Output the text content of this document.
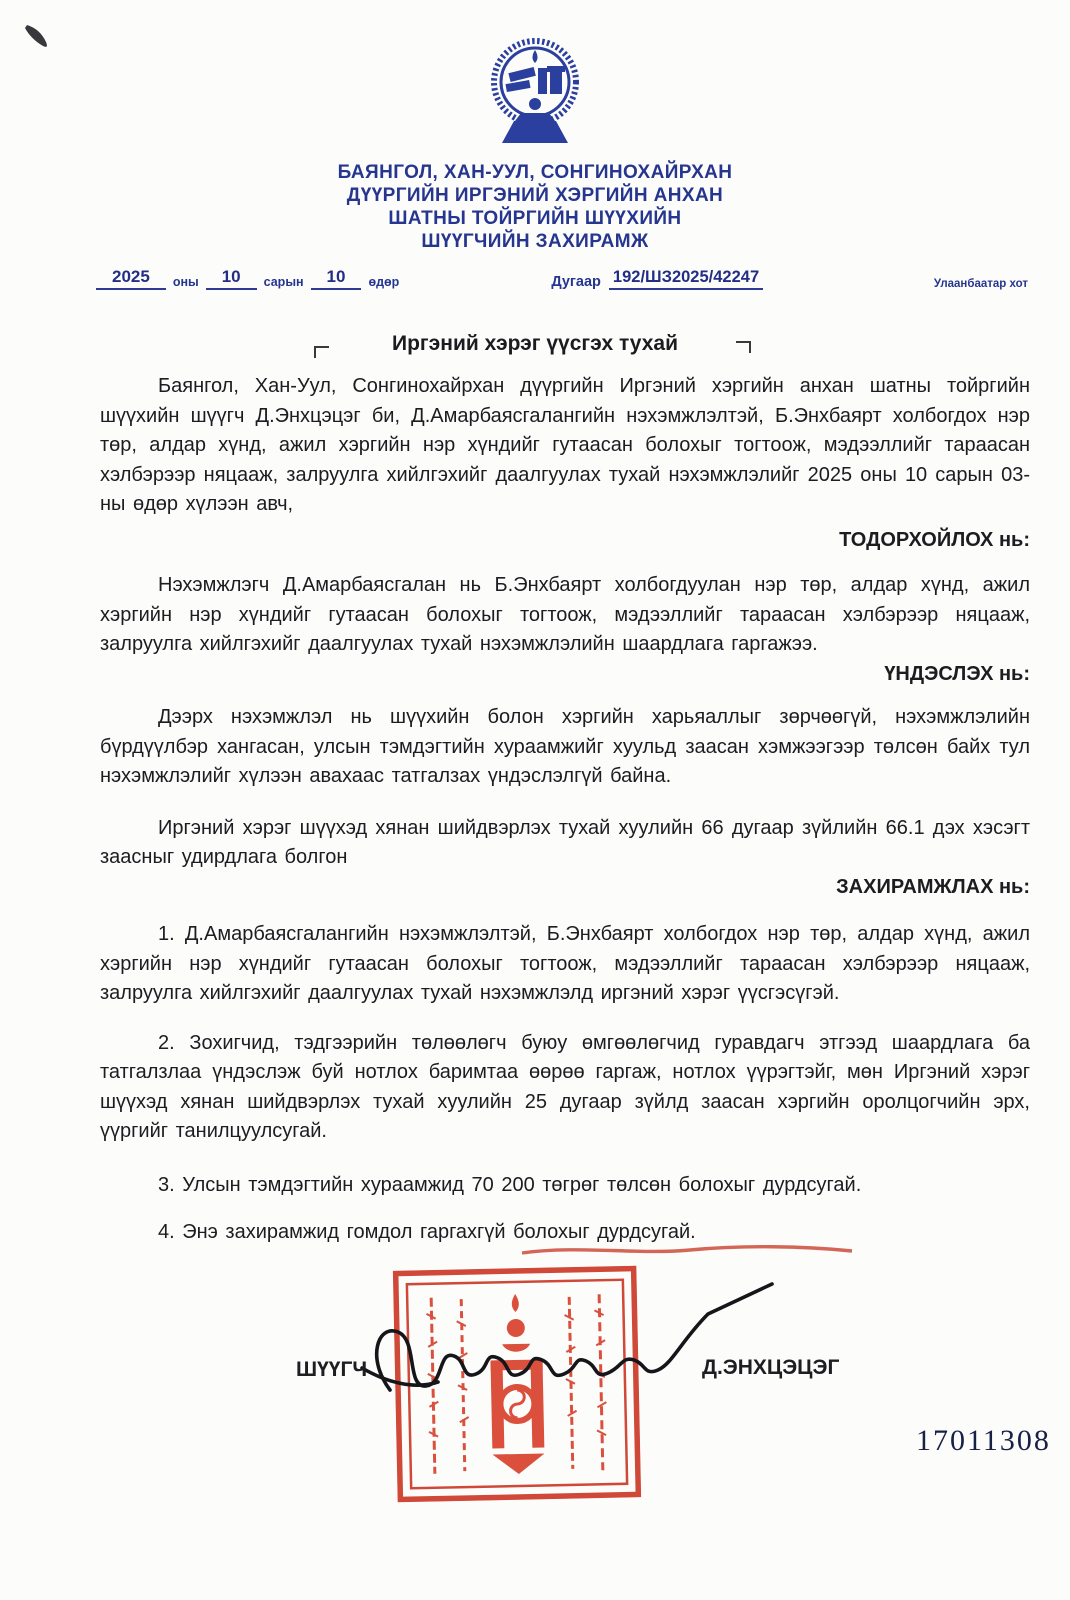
БАЯНГОЛ, ХАН-УУЛ, СОНГИНОХАЙРХАН
ДҮҮРГИЙН ИРГЭНИЙ ХЭРГИЙН АНХАН
ШАТНЫ ТОЙРГИЙН ШҮҮХИЙН
ШҮҮГЧИЙН ЗАХИРАМЖ
2025	оны	10	сарын	10	өдөр	Дугаар 192/ШЗ2025/42247	Улаанбаатар хот
Иргэний хэрэг үүсгэх тухай

Баянгол, Хан-Уул, Сонгинохайрхан дүүргийн Иргэний хэргийн анхан шатны тойргийн шүүхийн шүүгч Д.Энхцэцэг би, Д.Амарбаясгалангийн нэхэмжлэлтэй, Б.Энхбаярт холбогдох нэр төр, алдар хүнд, ажил хэргийн нэр хүндийг гутаасан болохыг тогтоож, мэдээллийг тараасан хэлбэрээр няцааж, залруулга хийлгэхийг даалгуулах тухай нэхэмжлэлийг 2025 оны 10 сарын 03-ны өдөр хүлээн авч,

ТОДОРХОЙЛОХ нь:

Нэхэмжлэгч Д.Амарбаясгалан нь Б.Энхбаярт холбогдуулан нэр төр, алдар хүнд, ажил хэргийн нэр хүндийг гутаасан болохыг тогтоож, мэдээллийг тараасан хэлбэрээр няцааж, залруулга хийлгэхийг даалгуулах тухай нэхэмжлэлийн шаардлага гаргажээ.

ҮНДЭСЛЭХ нь:

Дээрх нэхэмжлэл нь шүүхийн болон хэргийн харьяаллыг зөрчөөгүй, нэхэмжлэлийн бүрдүүлбэр хангасан, улсын тэмдэгтийн хураамжийг хуульд заасан хэмжээгээр төлсөн байх тул нэхэмжлэлийг хүлээн авахаас татгалзах үндэслэлгүй байна.

Иргэний хэрэг шүүхэд хянан шийдвэрлэх тухай хуулийн 66 дугаар зүйлийн 66.1 дэх хэсэгт заасныг удирдлага болгон

ЗАХИРАМЖЛАХ нь:

1. Д.Амарбаясгалангийн нэхэмжлэлтэй, Б.Энхбаярт холбогдох нэр төр, алдар хүнд, ажил хэргийн нэр хүндийг гутаасан болохыг тогтоож, мэдээллийг тараасан хэлбэрээр няцааж, залруулга хийлгэхийг даалгуулах тухай нэхэмжлэлд иргэний хэрэг үүсгэсүгэй.

2. Зохигчид, тэдгээрийн төлөөлөгч буюу өмгөөлөгчид гуравдагч этгээд шаардлага ба татгалзлаа үндэслэж буй нотлох баримтаа өөрөө гаргаж, нотлох үүрэгтэйг, мөн Иргэний хэрэг шүүхэд хянан шийдвэрлэх тухай хуулийн 25 дугаар зүйлд заасан хэргийн оролцогчийн эрх, үүргийг танилцуулсугай.

3. Улсын тэмдэгтийн хураамжид 70 200 төгрөг төлсөн болохыг дурдсугай.

4. Энэ захирамжид гомдол гаргахгүй болохыг дурдсугай.

ШҮҮГЧ	Д.ЭНХЦЭЦЭГ
17011308
